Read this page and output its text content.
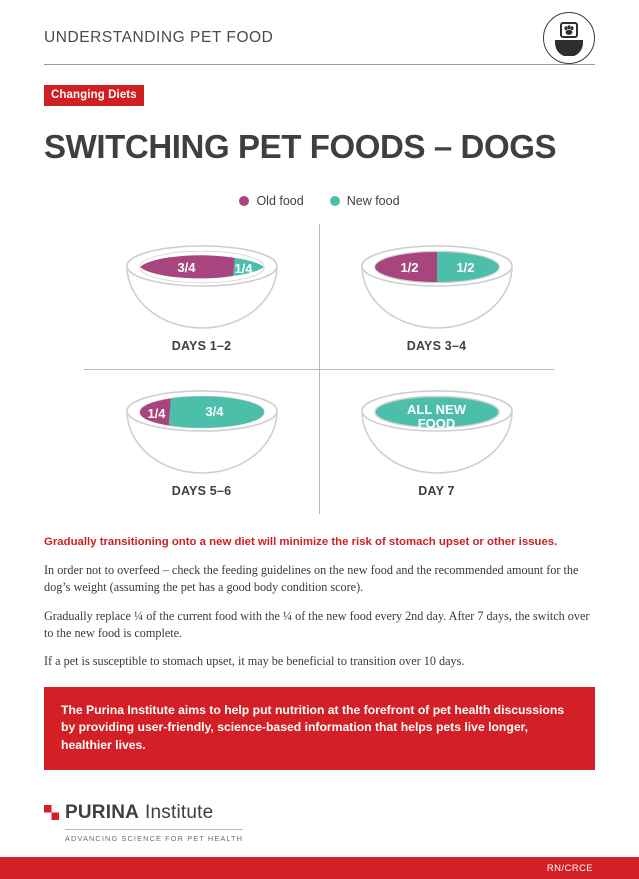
UNDERSTANDING PET FOOD
Changing Diets
SWITCHING PET FOODS – DOGS
Old food	New food
3/4	1/4
DAYS 1–2
1/2	1/2
DAYS 3–4
1/4	3/4
DAYS 5–6
ALL NEW FOOD
DAY 7

Gradually transitioning onto a new diet will minimize the risk of stomach upset or other issues.

In order not to overfeed – check the feeding guidelines on the new food and the recommended amount for the dog’s weight (assuming the pet has a good body condition score).

Gradually replace ¼ of the current food with the ¼ of the new food every 2nd day. After 7 days, the switch over to the new food is complete.

If a pet is susceptible to stomach upset, it may be beneficial to transition over 10 days.

The Purina Institute aims to help put nutrition at the forefront of pet health discussions by providing user-friendly, science-based information that helps pets live longer, healthier lives.
PURINA Institute
ADVANCING SCIENCE FOR PET HEALTH
RN/CRCE
